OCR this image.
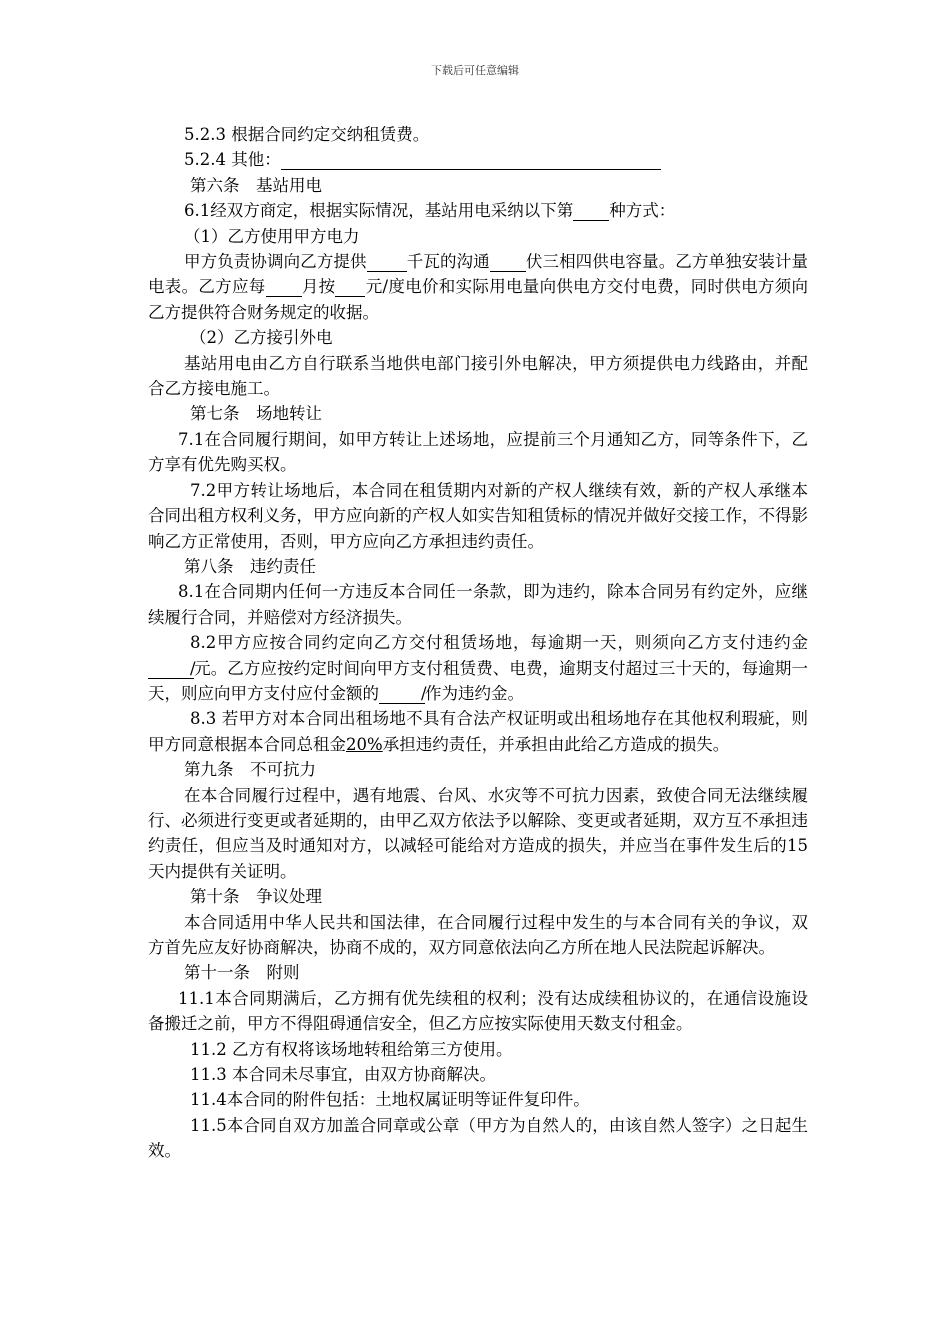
下载后可任意编辑

5.2.3 根据合同约定交纳租赁费。

5.2.4 其他：

第六条　基站用电

6.1经双方商定，根据实际情况，基站用电采纳以下第 种方式：

（1）乙方使用甲方电力

甲方负责协调向乙方提供 千瓦的沟通 伏三相四供电容量。乙方单独安装计量电表。乙方应每 月按 元/度电价和实际用电量向供电方交付电费，同时供电方须向乙方提供符合财务规定的收据。

（2）乙方接引外电

基站用电由乙方自行联系当地供电部门接引外电解决，甲方须提供电力线路由，并配合乙方接电施工。

第七条　场地转让

7.1在合同履行期间，如甲方转让上述场地，应提前三个月通知乙方，同等条件下，乙方享有优先购买权。

7.2甲方转让场地后，本合同在租赁期内对新的产权人继续有效，新的产权人承继本合同出租方权利义务，甲方应向新的产权人如实告知租赁标的情况并做好交接工作，不得影响乙方正常使用，否则，甲方应向乙方承担违约责任。

第八条　违约责任

8.1在合同期内任何一方违反本合同任一条款，即为违约，除本合同另有约定外，应继续履行合同，并赔偿对方经济损失。

8.2甲方应按合同约定向乙方交付租赁场地，每逾期一天，则须向乙方支付违约金/元。乙方应按约定时间向甲方支付租赁费、电费，逾期支付超过三十天的，每逾期一天，则应向甲方支付应付金额的	/作为违约金。

8.3 若甲方对本合同出租场地不具有合法产权证明或出租场地存在其他权利瑕疵，则甲方同意根据本合同总租金20%承担违约责任，并承担由此给乙方造成的损失。

第九条　不可抗力

在本合同履行过程中，遇有地震、台风、水灾等不可抗力因素，致使合同无法继续履行、必须进行变更或者延期的，由甲乙双方依法予以解除、变更或者延期，双方互不承担违约责任，但应当及时通知对方，以减轻可能给对方造成的损失，并应当在事件发生后的15天内提供有关证明。

第十条　争议处理

本合同适用中华人民共和国法律，在合同履行过程中发生的与本合同有关的争议，双方首先应友好协商解决，协商不成的，双方同意依法向乙方所在地人民法院起诉解决。

第十一条　附则

11.1本合同期满后，乙方拥有优先续租的权利；没有达成续租协议的，在通信设施设备搬迁之前，甲方不得阻碍通信安全，但乙方应按实际使用天数支付租金。

11.2 乙方有权将该场地转租给第三方使用。

11.3 本合同未尽事宜，由双方协商解决。

11.4本合同的附件包括：土地权属证明等证件复印件。

11.5本合同自双方加盖合同章或公章（甲方为自然人的，由该自然人签字）之日起生效。
